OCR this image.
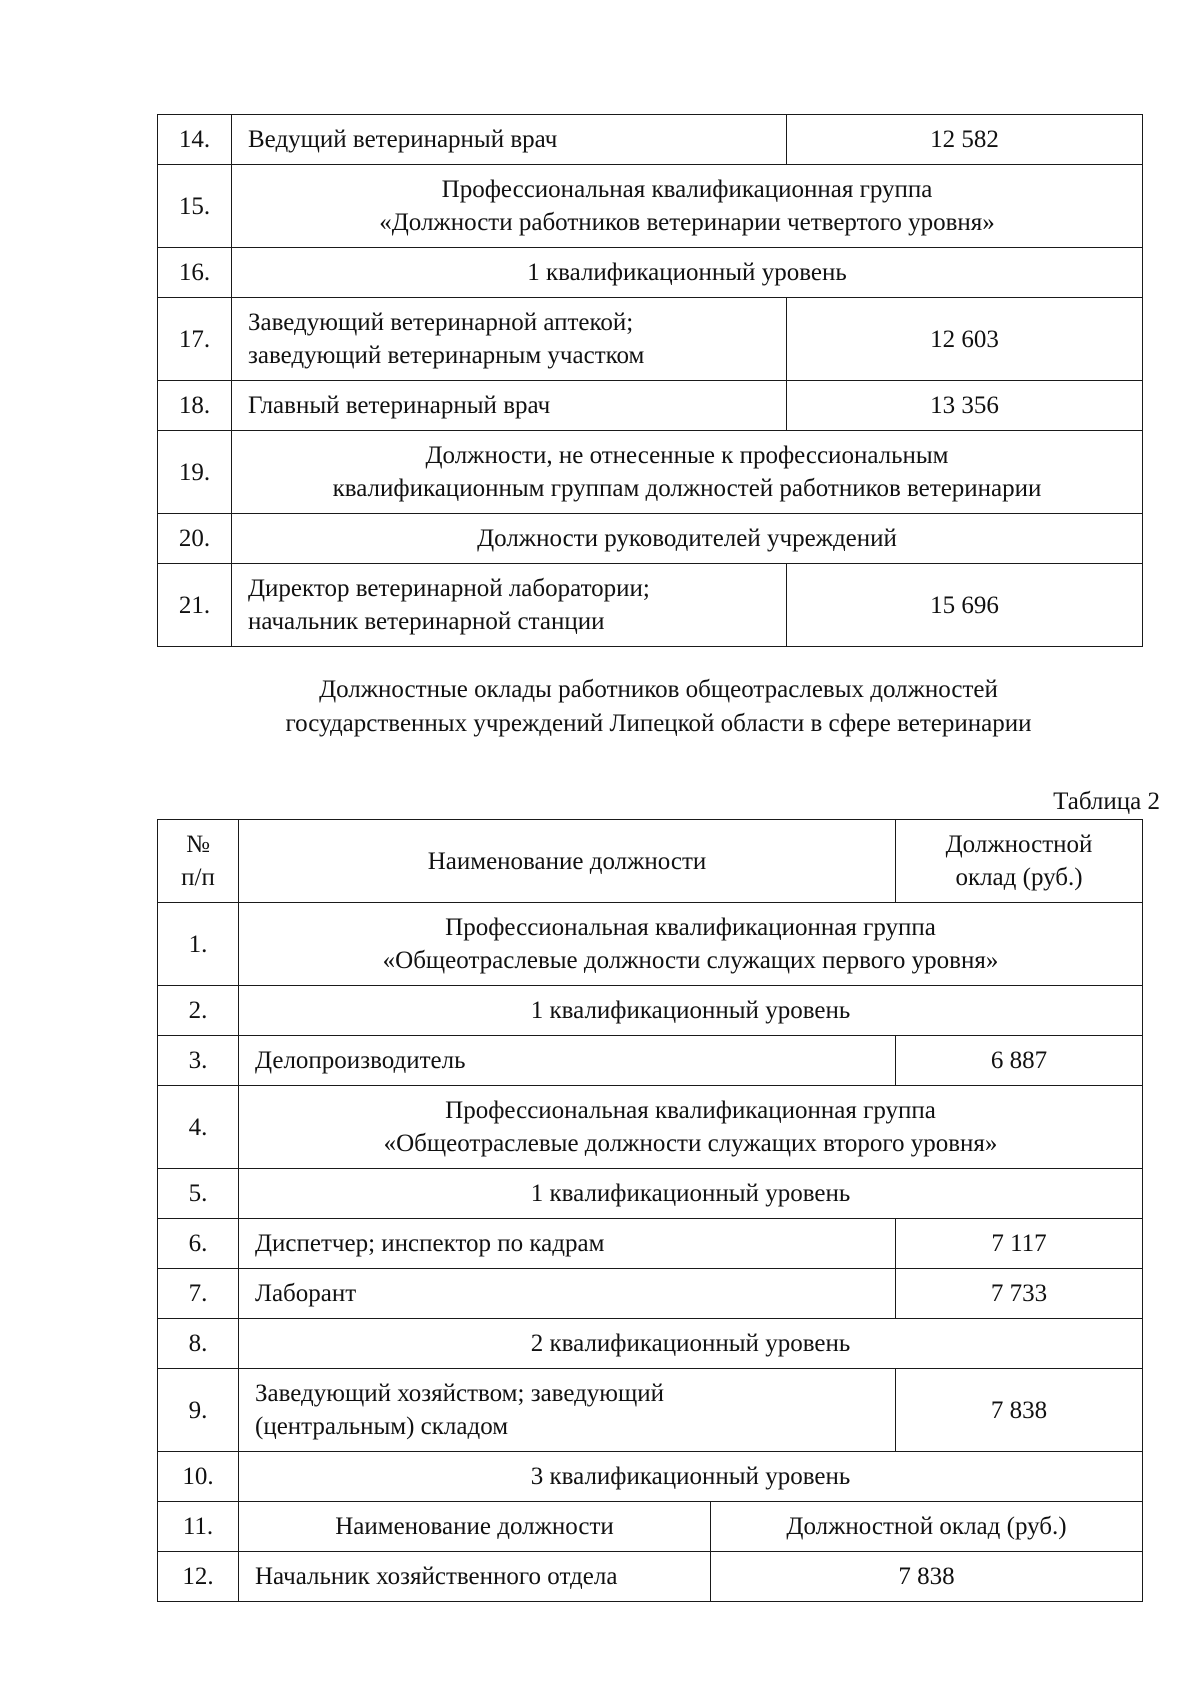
14.	Ведущий ветеринарный врач	12 582
15.	Профессиональная квалификационная группа
«Должности работников ветеринарии четвертого уровня»	
16.	1 квалификационный уровень	
17.	Заведующий ветеринарной аптекой;
заведующий ветеринарным участком	12 603
18.	Главный ветеринарный врач	13 356
19.	Должности, не отнесенные к профессиональным
квалификационным группам должностей работников ветеринарии	
20.	Должности руководителей учреждений	
21.	Директор ветеринарной лаборатории;
начальник ветеринарной станции	15 696
Должностные оклады работников общеотраслевых должностей
государственных учреждений Липецкой области в сфере ветеринарии
Таблица 2
№
п/п	Наименование должности		Должностной
оклад (руб.)
1.	Профессиональная квалификационная группа
«Общеотраслевые должности служащих первого уровня»		
2.	1 квалификационный уровень		
3.	Делопроизводитель		6 887
4.	Профессиональная квалификационная группа
«Общеотраслевые должности служащих второго уровня»		
5.	1 квалификационный уровень		
6.	Диспетчер; инспектор по кадрам		7 117
7.	Лаборант		7 733
8.	2 квалификационный уровень		
9.	Заведующий хозяйством; заведующий
(центральным) складом		7 838
10.	3 квалификационный уровень		
11.	Наименование должности	Должностной оклад (руб.)	
12.	Начальник хозяйственного отдела	7 838	
